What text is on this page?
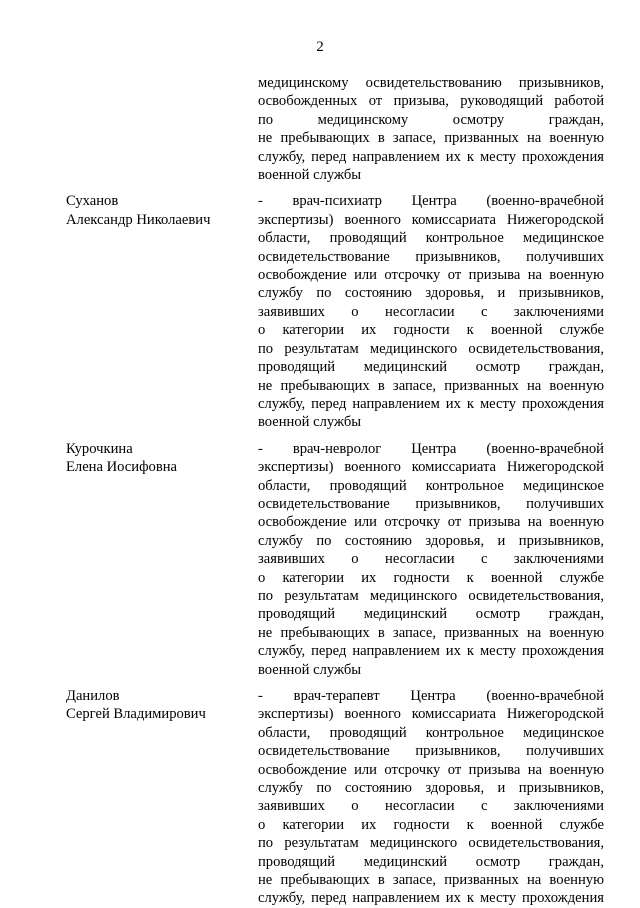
2
медицинскому освидетельствованию призывников,
освобожденных от призыва, руководящий работой
по медицинскому осмотру граждан,
не пребывающих в запасе, призванных на военную
службу, перед направлением их к месту прохождения
военной службы
Суханов
Александр Николаевич
- врач-психиатр Центра (военно-врачебной
экспертизы) военного комиссариата Нижегородской
области, проводящий контрольное медицинское
освидетельствование призывников, получивших
освобождение или отсрочку от призыва на военную
службу по состоянию здоровья, и призывников,
заявивших о несогласии с заключениями
о категории их годности к военной службе
по результатам медицинского освидетельствования,
проводящий медицинский осмотр граждан,
не пребывающих в запасе, призванных на военную
службу, перед направлением их к месту прохождения
военной службы
Курочкина
Елена Иосифовна
- врач-невролог Центра (военно-врачебной
экспертизы) военного комиссариата Нижегородской
области, проводящий контрольное медицинское
освидетельствование призывников, получивших
освобождение или отсрочку от призыва на военную
службу по состоянию здоровья, и призывников,
заявивших о несогласии с заключениями
о категории их годности к военной службе
по результатам медицинского освидетельствования,
проводящий медицинский осмотр граждан,
не пребывающих в запасе, призванных на военную
службу, перед направлением их к месту прохождения
военной службы
Данилов
Сергей Владимирович
- врач-терапевт Центра (военно-врачебной
экспертизы) военного комиссариата Нижегородской
области, проводящий контрольное медицинское
освидетельствование призывников, получивших
освобождение или отсрочку от призыва на военную
службу по состоянию здоровья, и призывников,
заявивших о несогласии с заключениями
о категории их годности к военной службе
по результатам медицинского освидетельствования,
проводящий медицинский осмотр граждан,
не пребывающих в запасе, призванных на военную
службу, перед направлением их к месту прохождения
